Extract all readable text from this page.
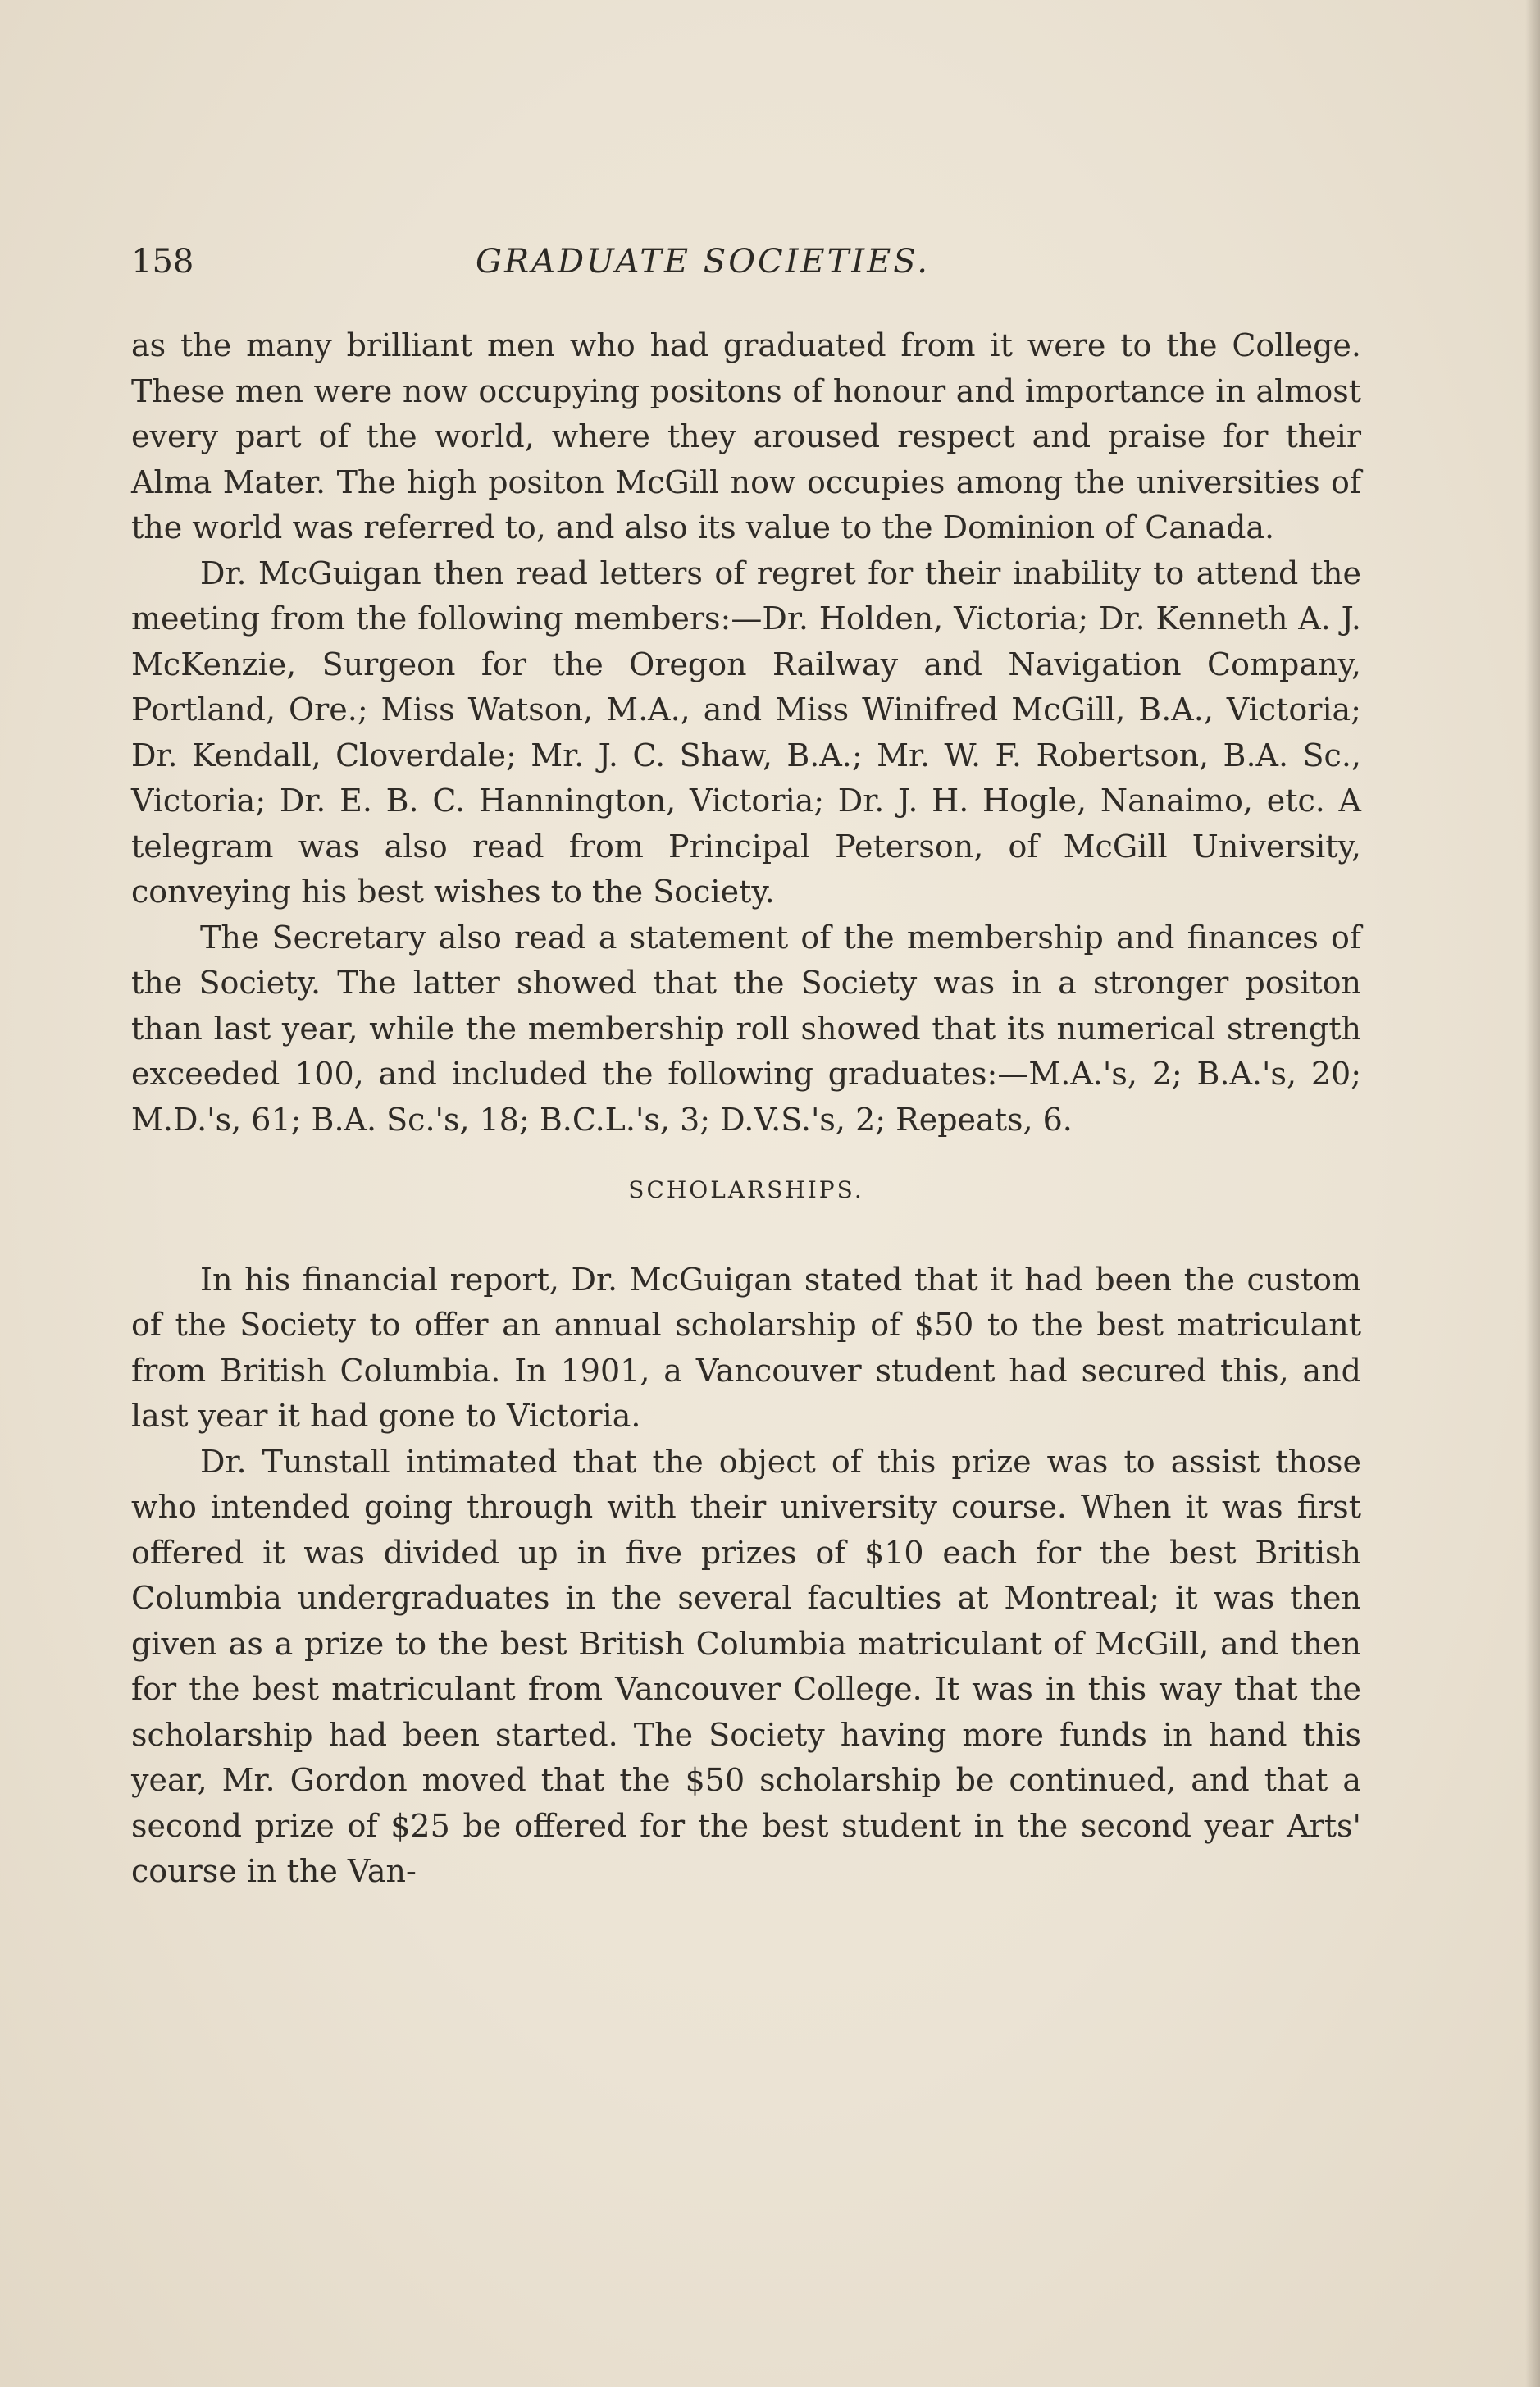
158	GRADUATE SOCIETIES.

as the many brilliant men who had graduated from it were to the College. These men were now occupying positons of honour and importance in almost every part of the world, where they aroused respect and praise for their Alma Mater. The high positon McGill now occupies among the universities of the world was referred to, and also its value to the Dominion of Canada.

Dr. McGuigan then read letters of regret for their inability to attend the meeting from the following members:—Dr. Holden, Victoria; Dr. Kenneth A. J. McKenzie, Surgeon for the Oregon Railway and Navigation Company, Portland, Ore.; Miss Watson, M.A., and Miss Winifred McGill, B.A., Victoria; Dr. Kendall, Cloverdale; Mr. J. C. Shaw, B.A.; Mr. W. F. Robertson, B.A. Sc., Victoria; Dr. E. B. C. Hannington, Victoria; Dr. J. H. Hogle, Nanaimo, etc. A telegram was also read from Principal Peterson, of McGill University, conveying his best wishes to the Society.

The Secretary also read a statement of the membership and finances of the Society. The latter showed that the Society was in a stronger positon than last year, while the membership roll showed that its numerical strength exceeded 100, and included the following graduates:—M.A.'s, 2; B.A.'s, 20; M.D.'s, 61; B.A. Sc.'s, 18; B.C.L.'s, 3; D.V.S.'s, 2; Repeats, 6.

SCHOLARSHIPS.

In his financial report, Dr. McGuigan stated that it had been the custom of the Society to offer an annual scholarship of $50 to the best matriculant from British Columbia. In 1901, a Vancouver student had secured this, and last year it had gone to Victoria.

Dr. Tunstall intimated that the object of this prize was to assist those who intended going through with their university course. When it was first offered it was divided up in five prizes of $10 each for the best British Columbia undergraduates in the several faculties at Montreal; it was then given as a prize to the best British Columbia matriculant of McGill, and then for the best matriculant from Vancouver College. It was in this way that the scholarship had been started. The Society having more funds in hand this year, Mr. Gordon moved that the $50 scholarship be continued, and that a second prize of $25 be offered for the best student in the second year Arts' course in the Van-
